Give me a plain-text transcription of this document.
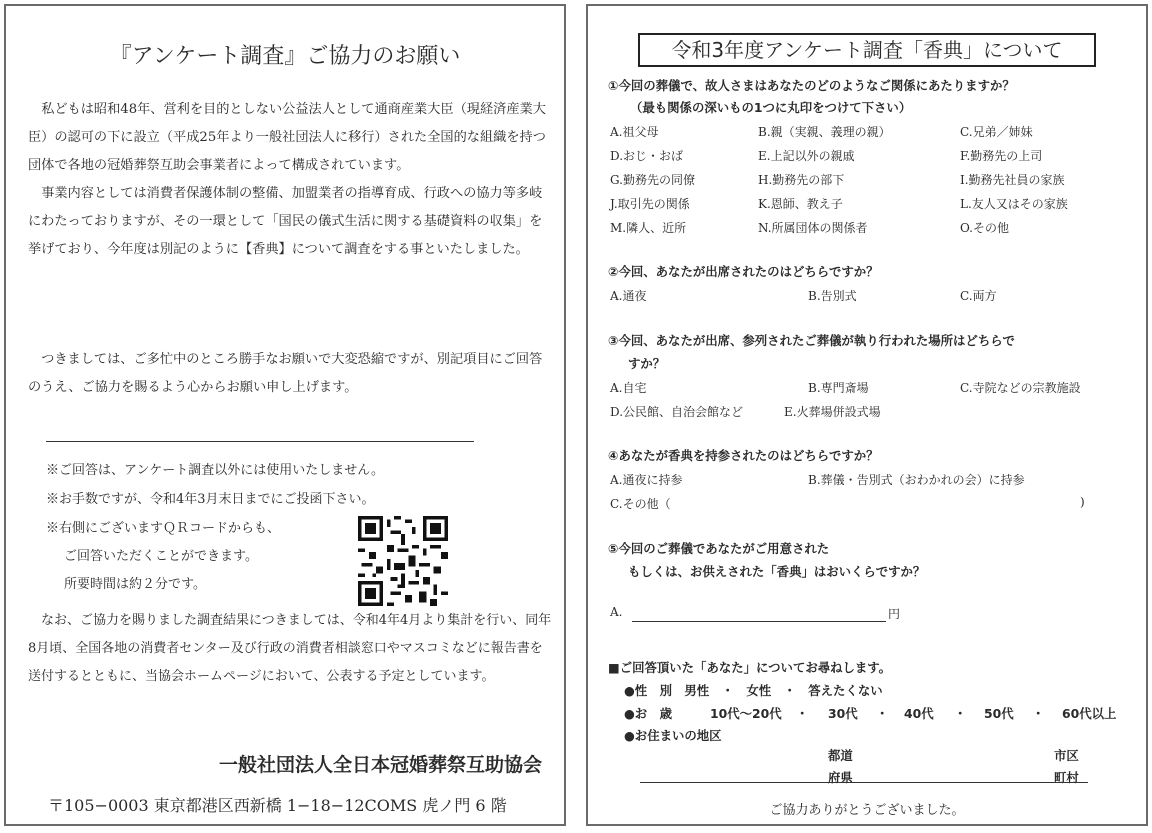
『アンケート調査』ご協力のお願い

私どもは昭和48年、営利を目的としない公益法人として通商産業大臣（現経済産業大臣）の認可の下に設立（平成25年より一般社団法人に移行）された全国的な組織を持つ団体で各地の冠婚葬祭互助会事業者によって構成されています。

事業内容としては消費者保護体制の整備、加盟業者の指導育成、行政への協力等多岐にわたっておりますが、その一環として「国民の儀式生活に関する基礎資料の収集」を挙げており、今年度は別記のように【香典】について調査をする事といたしました。

つきましては、ご多忙中のところ勝手なお願いで大変恐縮ですが、別記項目にご回答のうえ、ご協力を賜るよう心からお願い申し上げます。

※ご回答は、アンケート調査以外には使用いたしません。
※お手数ですが、令和4年3月末日までにご投函下さい。
※右側にございますＱＲコードからも、
ご回答いただくことができます。
所要時間は約２分です。

なお、ご協力を賜りました調査結果につきましては、令和4年4月より集計を行い、同年8月頃、全国各地の消費者センター及び行政の消費者相談窓口やマスコミなどに報告書を送付するとともに、当協会ホームページにおいて、公表する予定としています。

一般社団法人全日本冠婚葬祭互助協会
〒105−0003 東京都港区西新橋 1−18−12COMS 虎ノ門 6 階
令和3年度アンケート調査「香典」について
①今回の葬儀で、故人さまはあなたのどのようなご関係にあたりますか？
（最も関係の深いもの1つに丸印をつけて下さい）
A.祖父母	B.親（実親、義理の親）	C.兄弟／姉妹
D.おじ・おば	E.上記以外の親戚	F.勤務先の上司
G.勤務先の同僚	H.勤務先の部下	I.勤務先社員の家族
J.取引先の関係	K.恩師、教え子	L.友人又はその家族
M.隣人、近所	N.所属団体の関係者	O.その他
②今回、あなたが出席されたのはどちらですか？
A.通夜	B.告別式	C.両方
③今回、あなたが出席、参列されたご葬儀が執り行われた場所はどちらで
すか？
A.自宅	B.専門斎場	C.寺院などの宗教施設
D.公民館、自治会館など	E.火葬場併設式場
④あなたが香典を持参されたのはどちらですか？
A.通夜に持参	B.葬儀・告別式（おわかれの会）に持参
C.その他（	)
⑤今回のご葬儀であなたがご用意された
もしくは、お供えされた「香典」はおいくらですか？
A.	円
■ご回答頂いた「あなた」についてお尋ねします。
●性　別　男性　・　女性　・　答えたくない
●お　歳	10代〜20代 ・ 30代 ・ 40代 ・ 50代 ・ 60代以上
●お住まいの地区
都道
府県
市区
町村
ご協力ありがとうございました。
